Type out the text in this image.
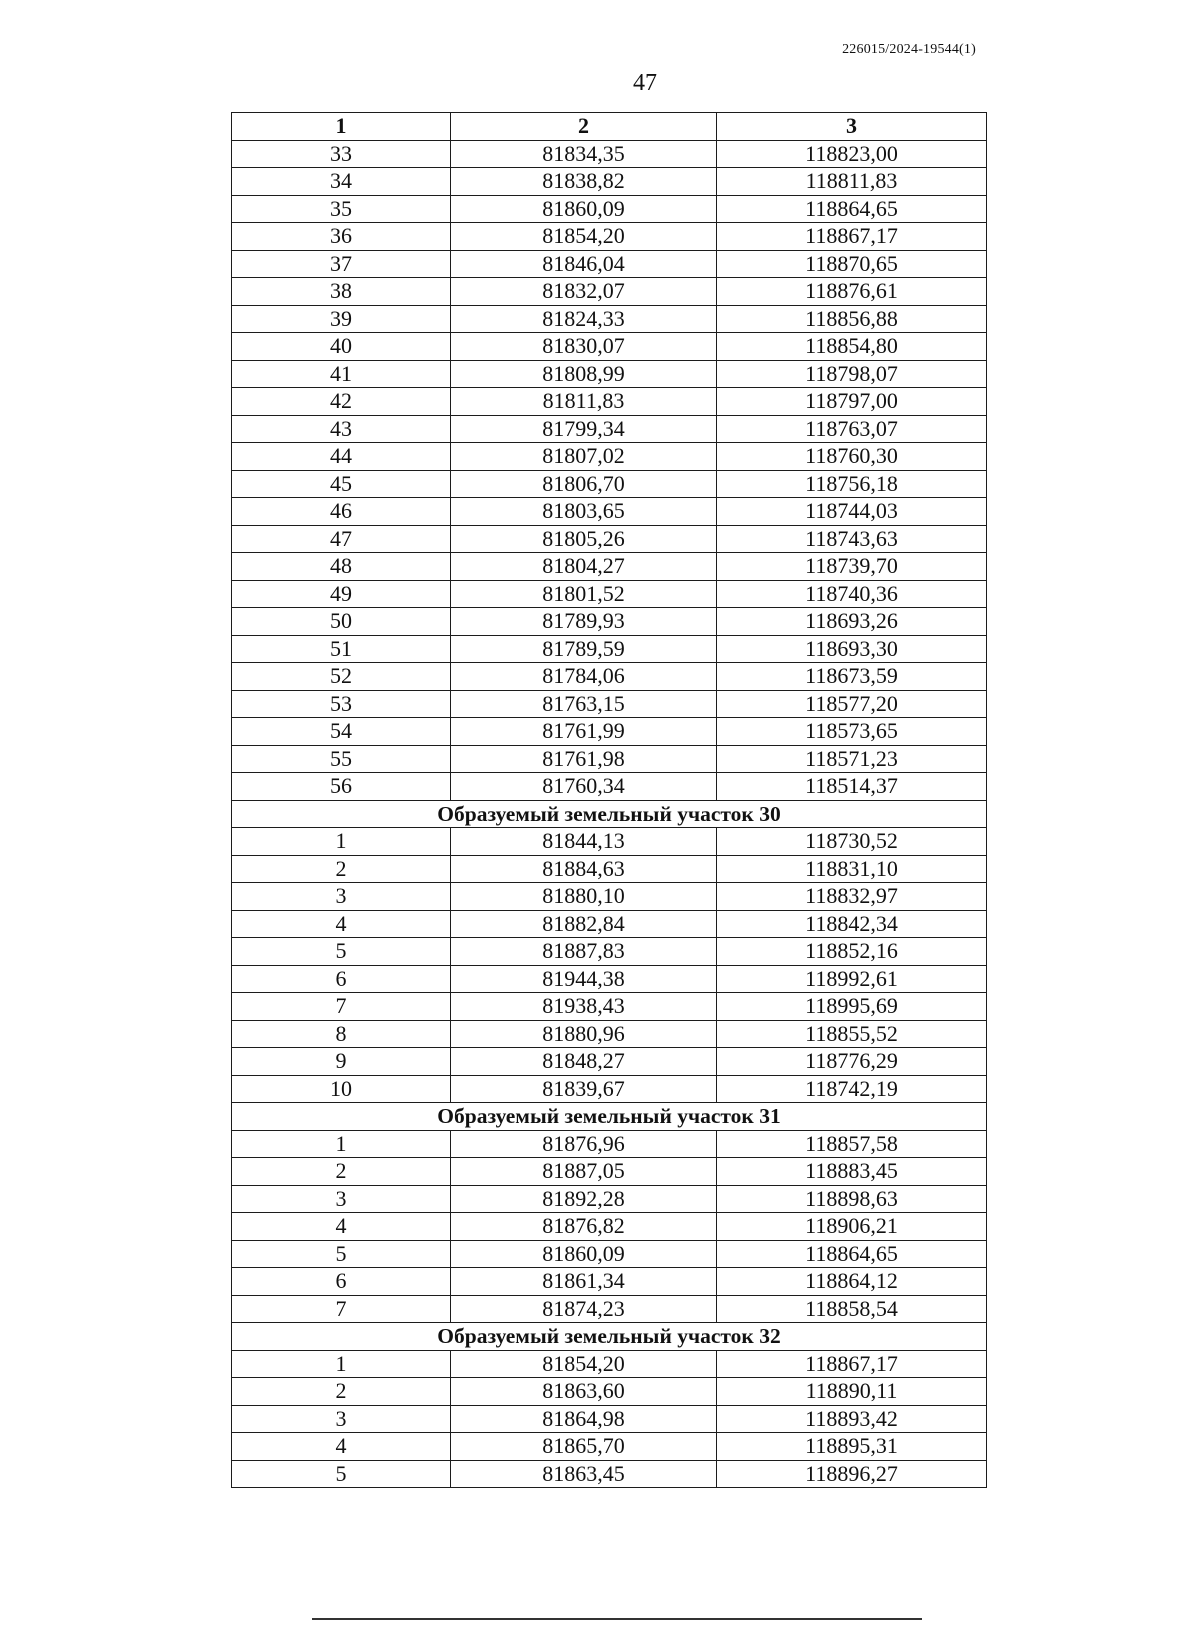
226015/2024-19544(1)
47
1	2	3
33	81834,35	118823,00
34	81838,82	118811,83
35	81860,09	118864,65
36	81854,20	118867,17
37	81846,04	118870,65
38	81832,07	118876,61
39	81824,33	118856,88
40	81830,07	118854,80
41	81808,99	118798,07
42	81811,83	118797,00
43	81799,34	118763,07
44	81807,02	118760,30
45	81806,70	118756,18
46	81803,65	118744,03
47	81805,26	118743,63
48	81804,27	118739,70
49	81801,52	118740,36
50	81789,93	118693,26
51	81789,59	118693,30
52	81784,06	118673,59
53	81763,15	118577,20
54	81761,99	118573,65
55	81761,98	118571,23
56	81760,34	118514,37
Образуемый земельный участок 30		
1	81844,13	118730,52
2	81884,63	118831,10
3	81880,10	118832,97
4	81882,84	118842,34
5	81887,83	118852,16
6	81944,38	118992,61
7	81938,43	118995,69
8	81880,96	118855,52
9	81848,27	118776,29
10	81839,67	118742,19
Образуемый земельный участок 31		
1	81876,96	118857,58
2	81887,05	118883,45
3	81892,28	118898,63
4	81876,82	118906,21
5	81860,09	118864,65
6	81861,34	118864,12
7	81874,23	118858,54
Образуемый земельный участок 32		
1	81854,20	118867,17
2	81863,60	118890,11
3	81864,98	118893,42
4	81865,70	118895,31
5	81863,45	118896,27
